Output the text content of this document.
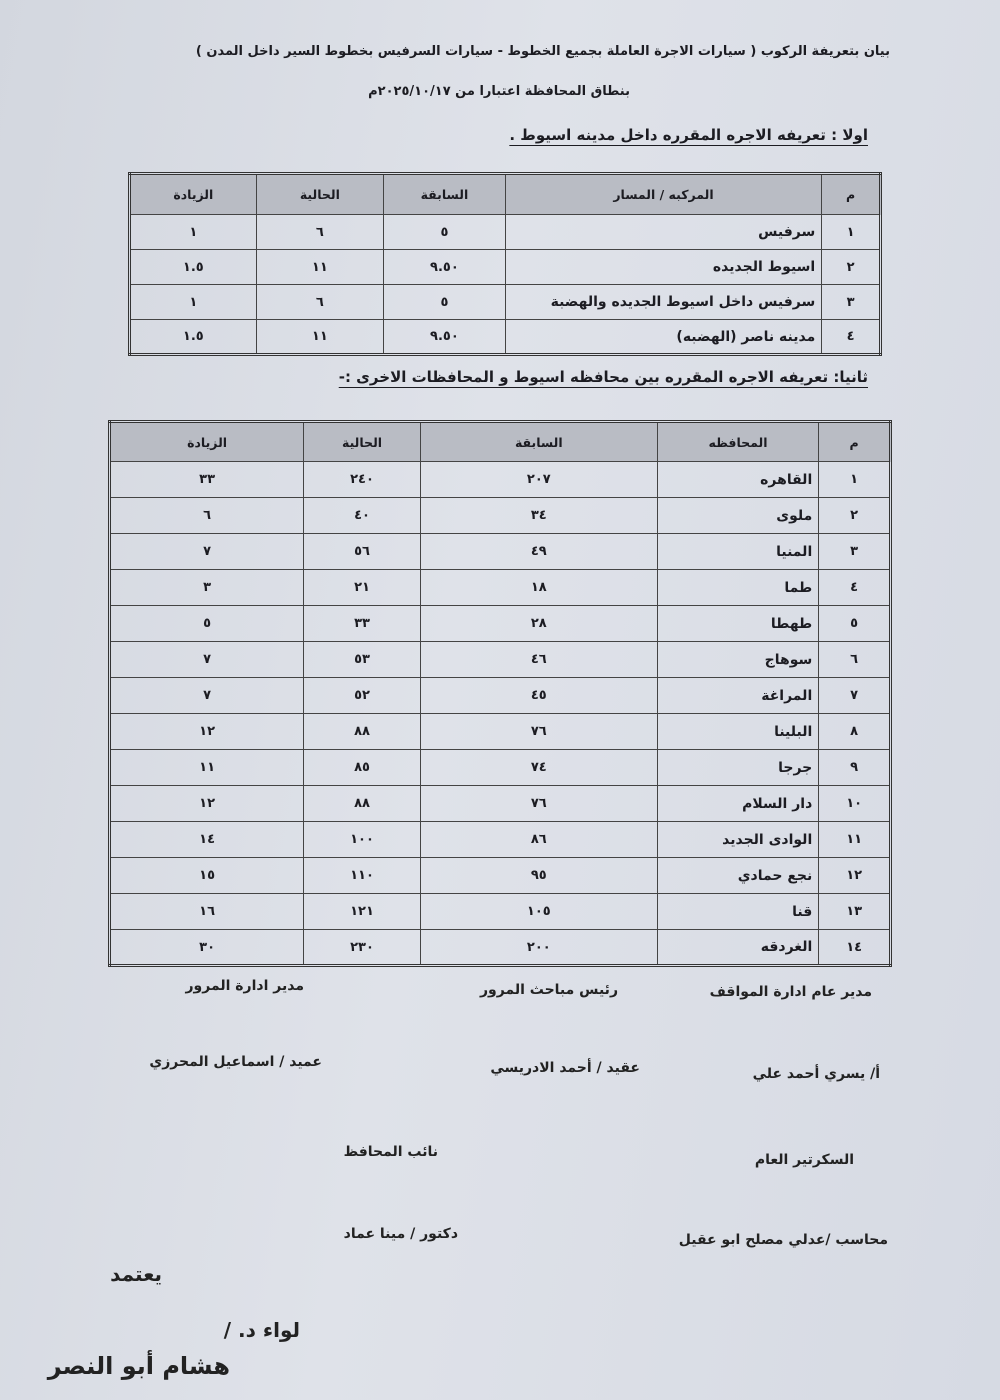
بيان بتعريفة الركوب ( سيارات الاجرة العاملة بجميع الخطوط - سيارات السرفيس بخطوط السير داخل المدن )
بنطاق المحافظة اعتبارا من ٢٠٢٥/١٠/١٧م
اولا : تعريفه الاجره المقرره داخل مدينه اسيوط .
م	المركبه / المسار	السابقة	الحالية	الزيادة
١	سرفيس	٥	٦	١
٢	اسيوط الجديده	٩.٥٠	١١	١.٥
٣	سرفيس داخل اسيوط الجديده والهضبة	٥	٦	١
٤	مدينه ناصر (الهضبه)	٩.٥٠	١١	١.٥
ثانيا: تعريفه الاجره المقرره بين محافظه اسيوط و المحافظات الاخرى :-
م	المحافظه	السابقة	الحالية	الزيادة
١	القاهره	٢٠٧	٢٤٠	٣٣
٢	ملوى	٣٤	٤٠	٦
٣	المنيا	٤٩	٥٦	٧
٤	طما	١٨	٢١	٣
٥	طهطا	٢٨	٣٣	٥
٦	سوهاج	٤٦	٥٣	٧
٧	المراغة	٤٥	٥٢	٧
٨	البلينا	٧٦	٨٨	١٢
٩	جرجا	٧٤	٨٥	١١
١٠	دار السلام	٧٦	٨٨	١٢
١١	الوادى الجديد	٨٦	١٠٠	١٤
١٢	نجع حمادي	٩٥	١١٠	١٥
١٣	قنا	١٠٥	١٢١	١٦
١٤	الغردقه	٢٠٠	٢٣٠	٣٠
مدير عام ادارة المواقف
رئيس مباحث المرور
مدير ادارة المرور
أ/ يسري أحمد علي
عقيد / أحمد الادريسي
عميد / اسماعيل المحرزي
السكرتير العام
نائب المحافظ
محاسب /عدلي مصلح ابو عقيل
دكتور / مينا عماد
يعتمد
لواء د. /
هشام أبو النصر
